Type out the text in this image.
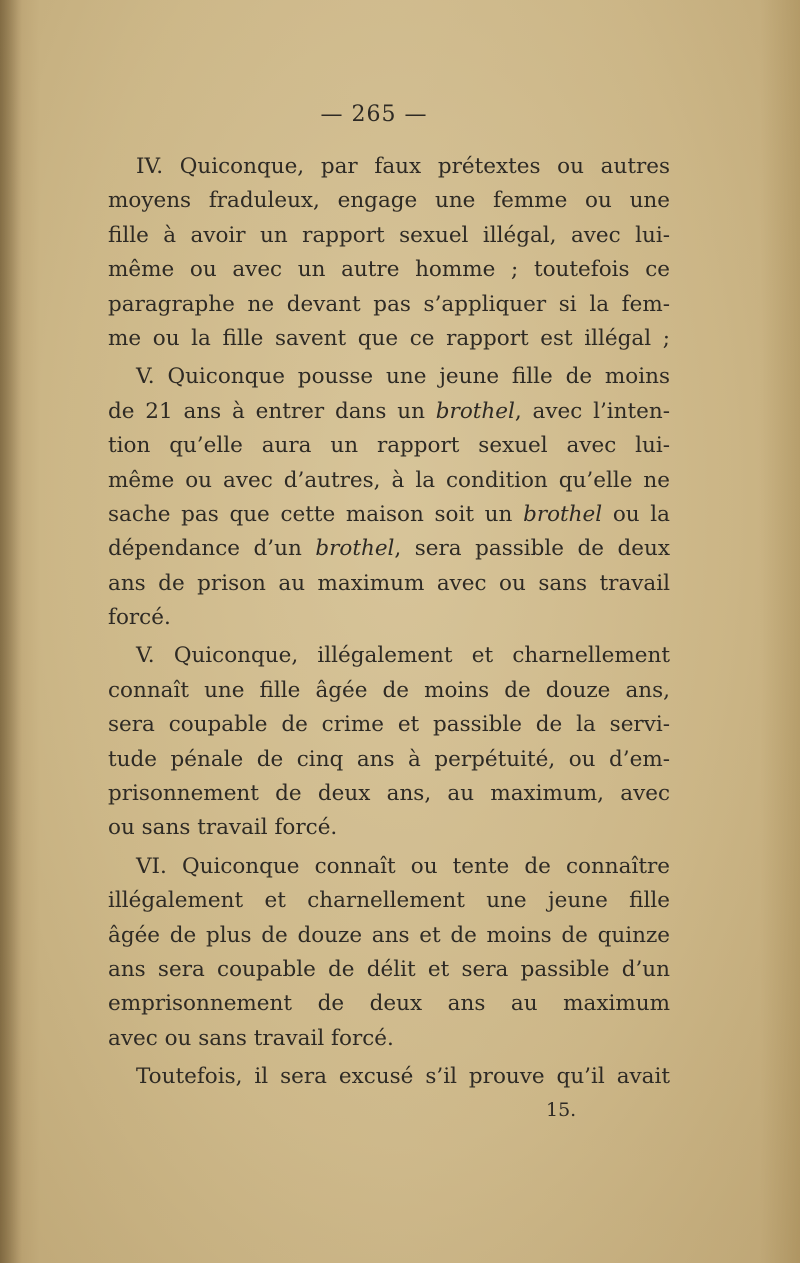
— 265 —
IV. Quiconque, par faux prétextes ou autres
moyens fraduleux, engage une femme ou une
fille à avoir un rapport sexuel illégal, avec lui-
même ou avec un autre homme ; toutefois ce
paragraphe ne devant pas s’appliquer si la fem-
me ou la fille savent que ce rapport est illégal ;
V. Quiconque pousse une jeune fille de moins
de 21 ans à entrer dans un brothel, avec l’inten-
tion qu’elle aura un rapport sexuel avec lui-
même ou avec d’autres, à la condition qu’elle ne
sache pas que cette maison soit un brothel ou la
dépendance d’un brothel, sera passible de deux
ans de prison au maximum avec ou sans travail
forcé.
V. Quiconque, illégalement et charnellement
connaît une fille âgée de moins de douze ans,
sera coupable de crime et passible de la servi-
tude pénale de cinq ans à perpétuité, ou d’em-
prisonnement de deux ans, au maximum, avec
ou sans travail forcé.
VI. Quiconque connaît ou tente de connaître
illégalement et charnellement une jeune fille
âgée de plus de douze ans et de moins de quinze
ans sera coupable de délit et sera passible d’un
emprisonnement de deux ans au maximum
avec ou sans travail forcé.
Toutefois, il sera excusé s’il prouve qu’il avait
15.
